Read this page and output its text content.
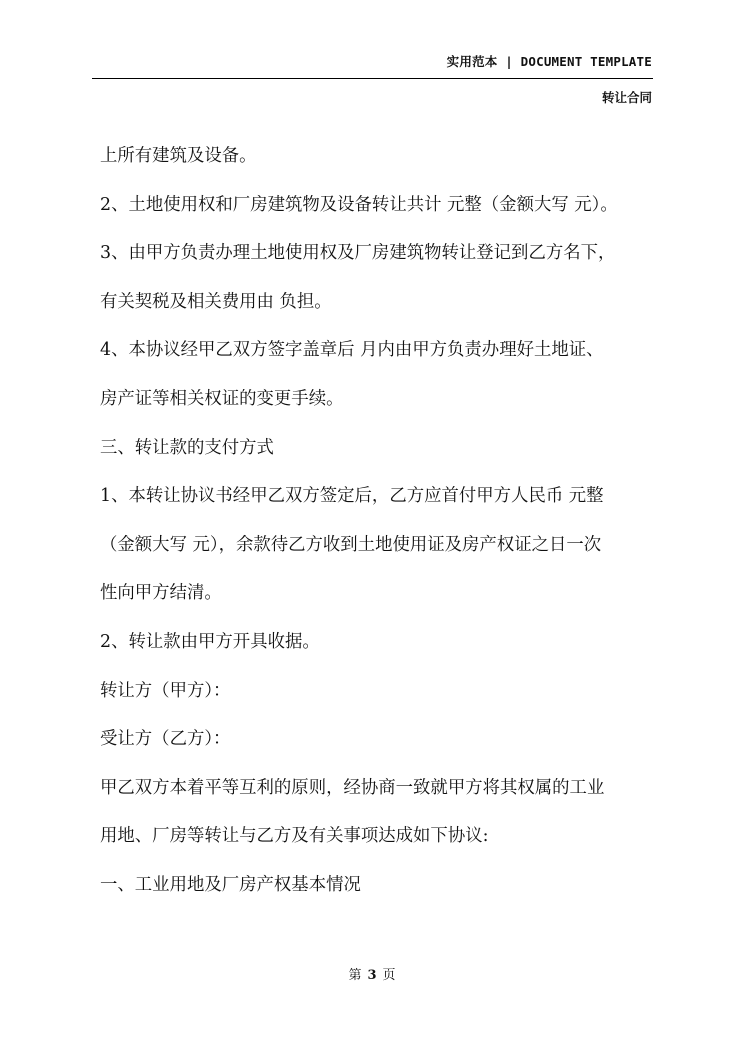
实用范本 | DOCUMENT TEMPLATE
转让合同
上所有建筑及设备。
2、土地使用权和厂房建筑物及设备转让共计 元整（金额大写 元）。
3、由甲方负责办理土地使用权及厂房建筑物转让登记到乙方名下，
有关契税及相关费用由 负担。
4、本协议经甲乙双方签字盖章后 月内由甲方负责办理好土地证、
房产证等相关权证的变更手续。
三、转让款的支付方式
1、本转让协议书经甲乙双方签定后，乙方应首付甲方人民币 元整
（金额大写 元），余款待乙方收到土地使用证及房产权证之日一次
性向甲方结清。
2、转让款由甲方开具收据。
转让方（甲方）：
受让方（乙方）：
甲乙双方本着平等互利的原则，经协商一致就甲方将其权属的工业
用地、厂房等转让与乙方及有关事项达成如下协议:
一、工业用地及厂房产权基本情况
第 3 页
